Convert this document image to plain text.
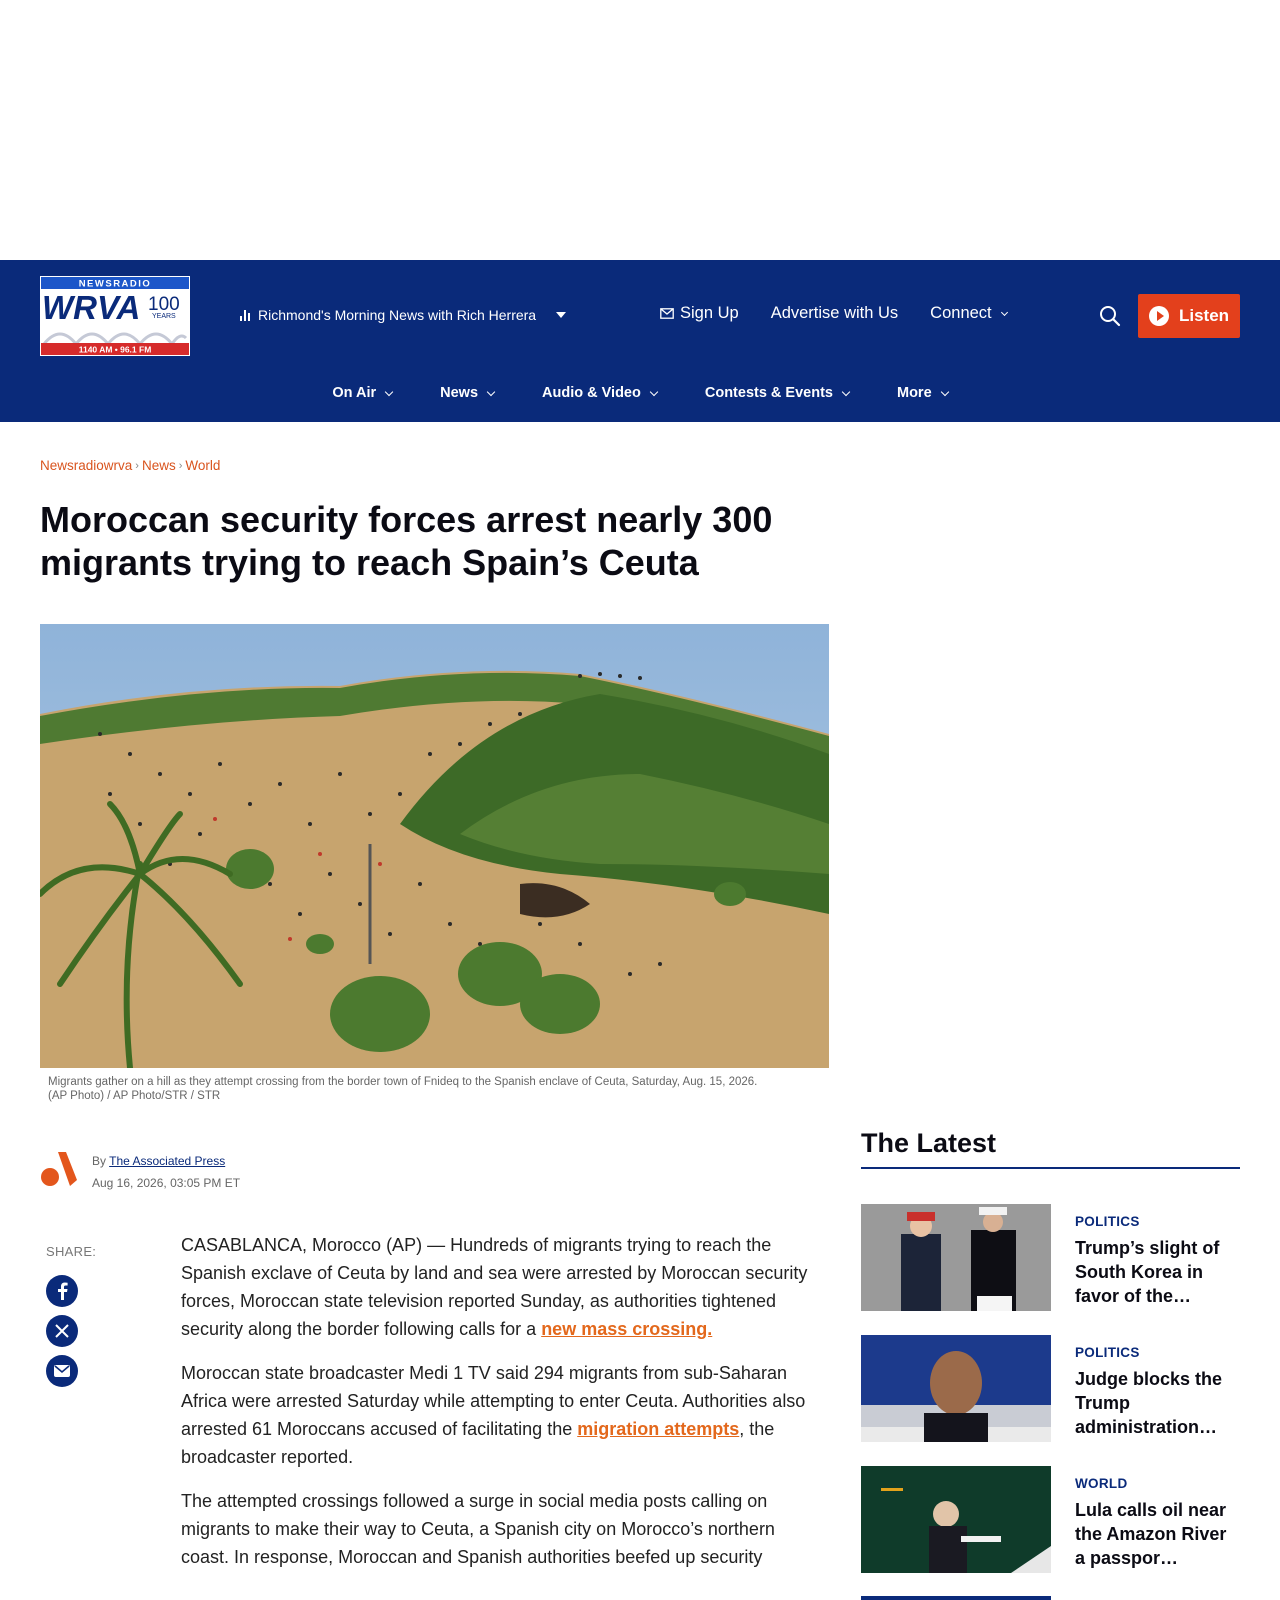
NEWSRADIO
WRVA 100
YEARS
1140 AM • 96.1 FM
Richmond's Morning News with Rich Herrera	Sign Up Advertise with Us Connect	Listen
On Air	News	Audio & Video	Contests & Events	More
Newsradiowrva › News › World
Moroccan security forces arrest nearly 300 migrants trying to reach Spain’s Ceuta
Migrants gather on a hill as they attempt crossing from the border town of Fnideq to the Spanish enclave of Ceuta, Saturday, Aug. 15, 2026.
(AP Photo) / AP Photo/STR / STR
By The Associated Press
Aug 16, 2026, 03:05 PM ET
SHARE:	CASABLANCA, Morocco (AP) — Hundreds of migrants trying to reach the Spanish exclave of Ceuta by land and sea were arrested by Moroccan security forces, Moroccan state television reported Sunday, as authorities tightened security along the border following calls for a new mass crossing.

Moroccan state broadcaster Medi 1 TV said 294 migrants from sub-Saharan Africa were arrested Saturday while attempting to enter Ceuta. Authorities also arrested 61 Moroccans accused of facilitating the migration attempts, the broadcaster reported.

The attempted crossings followed a surge in social media posts calling on migrants to make their way to Ceuta, a Spanish city on Morocco’s northern coast. In response, Moroccan and Spanish authorities beefed up security

The Latest
POLITICS
Trump’s slight of South Korea in favor of the…
POLITICS
Judge blocks the Trump administration…
WORLD
Lula calls oil near the Amazon River a passpor…
